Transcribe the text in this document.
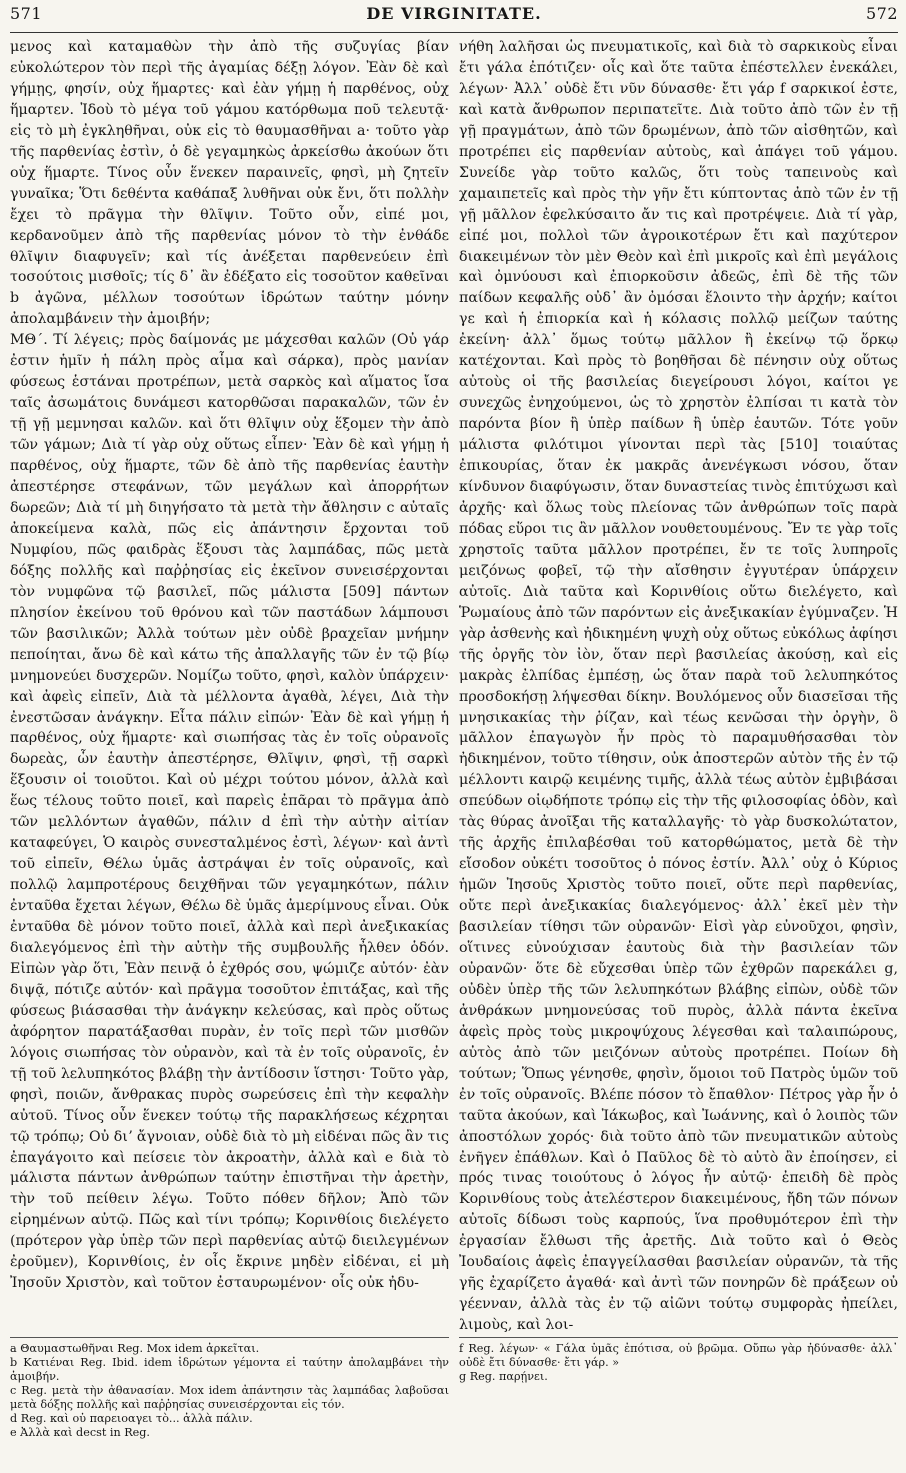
571	DE VIRGINITATE.	572

μενος καὶ καταμαθὼν τὴν ἀπὸ τῆς συζυγίας βίαν εὐκολώτερον τὸν περὶ τῆς ἀγαμίας δέξῃ λόγον. Ἐὰν δὲ καὶ γήμῃς, φησίν, οὐχ ἥμαρτες· καὶ ἐὰν γήμῃ ἡ παρθένος, οὐχ ἥμαρτεν. Ἰδοὺ τὸ μέγα τοῦ γάμου κατόρθωμα ποῦ τελευτᾷ· εἰς τὸ μὴ ἐγκληθῆναι, οὐκ εἰς τὸ θαυμασθῆναι a· τοῦτο γὰρ τῆς παρθενίας ἐστὶν, ὁ δὲ γεγαμηκὼς ἀρκείσθω ἀκούων ὅτι οὐχ ἥμαρτε. Τίνος οὖν ἕνεκεν παραινεῖς, φησὶ, μὴ ζητεῖν γυναῖκα; Ὅτι δεθέντα καθάπαξ λυθῆναι οὐκ ἔνι, ὅτι πολλὴν ἔχει τὸ πρᾶγμα τὴν θλῖψιν. Τοῦτο οὖν, εἰπέ μοι, κερδανοῦμεν ἀπὸ τῆς παρθενίας μόνον τὸ τὴν ἐνθάδε θλῖψιν διαφυγεῖν; καὶ τίς ἀνέξεται παρθενεύειν ἐπὶ τοσούτοις μισθοῖς; τίς δ᾽ ἂν ἐδέξατο εἰς τοσοῦτον καθεῖναι b ἀγῶνα, μέλλων τοσούτων ἱδρώτων ταύτην μόνην ἀπολαμβάνειν τὴν ἀμοιβήν;

ΜΘ΄. Τί λέγεις; πρὸς δαίμονάς με μάχεσθαι καλῶν (Οὐ γάρ ἐστιν ἡμῖν ἡ πάλη πρὸς αἷμα καὶ σάρκα), πρὸς μανίαν φύσεως ἑστάναι προτρέπων, μετὰ σαρκὸς καὶ αἵματος ἴσα ταῖς ἀσωμάτοις δυνάμεσι κατορθῶσαι παρακαλῶν, τῶν ἐν τῇ γῇ μεμνησαι καλῶν. καὶ ὅτι θλῖψιν οὐχ ἕξομεν τὴν ἀπὸ τῶν γάμων; Διὰ τί γὰρ οὐχ οὕτως εἶπεν· Ἐὰν δὲ καὶ γήμῃ ἡ παρθένος, οὐχ ἥμαρτε, τῶν δὲ ἀπὸ τῆς παρθενίας ἑαυτὴν ἀπεστέρησε στεφάνων, τῶν μεγάλων καὶ ἀπορρήτων δωρεῶν; Διὰ τί μὴ διηγήσατο τὰ μετὰ τὴν ἄθλησιν c αὐταῖς ἀποκείμενα καλὰ, πῶς εἰς ἀπάντησιν ἔρχονται τοῦ Νυμφίου, πῶς φαιδρὰς ἕξουσι τὰς λαμπάδας, πῶς μετὰ δόξης πολλῆς καὶ παῤῥησίας εἰς ἐκεῖνον συνεισέρχονται τὸν νυμφῶνα τῷ βασιλεῖ, πῶς μάλιστα [509] πάντων πλησίον ἐκείνου τοῦ θρόνου καὶ τῶν παστάδων λάμπουσι τῶν βασιλικῶν; Ἀλλὰ τούτων μὲν οὐδὲ βραχεῖαν μνήμην πεποίηται, ἄνω δὲ καὶ κάτω τῆς ἀπαλλαγῆς τῶν ἐν τῷ βίῳ μνημονεύει δυσχερῶν. Νομίζω τοῦτο, φησὶ, καλὸν ὑπάρχειν· καὶ ἀφεὶς εἰπεῖν, Διὰ τὰ μέλλοντα ἀγαθὰ, λέγει, Διὰ τὴν ἐνεστῶσαν ἀνάγκην. Εἶτα πάλιν εἰπών· Ἐὰν δὲ καὶ γήμῃ ἡ παρθένος, οὐχ ἥμαρτε· καὶ σιωπήσας τὰς ἐν τοῖς οὐρανοῖς δωρεὰς, ὧν ἑαυτὴν ἀπεστέρησε, Θλῖψιν, φησὶ, τῇ σαρκὶ ἕξουσιν οἱ τοιοῦτοι. Καὶ οὐ μέχρι τούτου μόνον, ἀλλὰ καὶ ἕως τέλους τοῦτο ποιεῖ, καὶ παρεὶς ἐπᾶραι τὸ πρᾶγμα ἀπὸ τῶν μελλόντων ἀγαθῶν, πάλιν d ἐπὶ τὴν αὐτὴν αἰτίαν καταφεύγει, Ὁ καιρὸς συνεσταλμένος ἐστὶ, λέγων· καὶ ἀντὶ τοῦ εἰπεῖν, Θέλω ὑμᾶς ἀστράψαι ἐν τοῖς οὐρανοῖς, καὶ πολλῷ λαμπροτέρους δειχθῆναι τῶν γεγαμηκότων, πάλιν ἐνταῦθα ἔχεται λέγων, Θέλω δὲ ὑμᾶς ἀμερίμνους εἶναι. Οὐκ ἐνταῦθα δὲ μόνον τοῦτο ποιεῖ, ἀλλὰ καὶ περὶ ἀνεξικακίας διαλεγόμενος ἐπὶ τὴν αὐτὴν τῆς συμβουλῆς ἦλθεν ὁδόν. Εἰπὼν γὰρ ὅτι, Ἐὰν πεινᾷ ὁ ἐχθρός σου, ψώμιζε αὐτόν· ἐὰν διψᾷ, πότιζε αὐτόν· καὶ πρᾶγμα τοσοῦτον ἐπιτάξας, καὶ τῆς φύσεως βιάσασθαι τὴν ἀνάγκην κελεύσας, καὶ πρὸς οὕτως ἀφόρητον παρατάξασθαι πυρὰν, ἐν τοῖς περὶ τῶν μισθῶν λόγοις σιωπήσας τὸν οὐρανὸν, καὶ τὰ ἐν τοῖς οὐρανοῖς, ἐν τῇ τοῦ λελυπηκότος βλάβῃ τὴν ἀντίδοσιν ἵστησι· Τοῦτο γὰρ, φησὶ, ποιῶν, ἄνθρακας πυρὸς σωρεύσεις ἐπὶ τὴν κεφαλὴν αὐτοῦ. Τίνος οὖν ἕνεκεν τούτῳ τῆς παρακλήσεως κέχρηται τῷ τρόπῳ; Οὐ διʼ ἄγνοιαν, οὐδὲ διὰ τὸ μὴ εἰδέναι πῶς ἂν τις ἐπαγάγοιτο καὶ πείσειε τὸν ἀκροατὴν, ἀλλὰ καὶ e διὰ τὸ μάλιστα πάντων ἀνθρώπων ταύτην ἐπιστῆναι τὴν ἀρετὴν, τὴν τοῦ πείθειν λέγω. Τοῦτο πόθεν δῆλον; Ἀπὸ τῶν εἰρημένων αὐτῷ. Πῶς καὶ τίνι τρόπῳ; Κορινθίοις διελέγετο (πρότερον γὰρ ὑπὲρ τῶν περὶ παρθενίας αὐτῷ διειλεγμένων ἐροῦμεν), Κορινθίοις, ἐν οἷς ἔκρινε μηδὲν εἰδέναι, εἰ μὴ Ἰησοῦν Χριστὸν, καὶ τοῦτον ἐσταυρωμένον· οἷς οὐκ ἠδυ-

a Θαυμαστωθῆναι Reg. Mox idem ἀρκεῖται.

b Κατιέναι Reg. Ibid. idem ἱδρώτων γέμοντα εἰ ταύτην ἀπολαμβάνει τὴν ἀμοιβήν.

c Reg. μετὰ τὴν ἀθανασίαν. Mox idem ἀπάντησιν τὰς λαμπάδας λαβοῦσαι μετὰ δόξης πολλῆς καὶ παῤῥησίας συνεισέρχονται εἰς τόν.

d Reg. καὶ οὐ παρειοαγει τὸ... ἀλλὰ πάλιν.

e Ἀλλὰ καὶ decst in Reg.

νήθη λαλῆσαι ὡς πνευματικοῖς, καὶ διὰ τὸ σαρκικοὺς εἶναι ἔτι γάλα ἐπότιζεν· οἷς καὶ ὅτε ταῦτα ἐπέστελλεν ἐνεκάλει, λέγων· Ἀλλ᾽ οὐδὲ ἔτι νῦν δύνασθε· ἔτι γάρ f σαρκικοί ἐστε, καὶ κατὰ ἄνθρωπον περιπατεῖτε. Διὰ τοῦτο ἀπὸ τῶν ἐν τῇ γῇ πραγμάτων, ἀπὸ τῶν δρωμένων, ἀπὸ τῶν αἰσθητῶν, καὶ προτρέπει εἰς παρθενίαν αὐτοὺς, καὶ ἀπάγει τοῦ γάμου. Συνείδε γὰρ τοῦτο καλῶς, ὅτι τοὺς ταπεινοὺς καὶ χαμαιπετεῖς καὶ πρὸς τὴν γῆν ἔτι κύπτοντας ἀπὸ τῶν ἐν τῇ γῇ μᾶλλον ἐφελκύσαιτο ἄν τις καὶ προτρέψειε. Διὰ τί γὰρ, εἰπέ μοι, πολλοὶ τῶν ἀγροικοτέρων ἔτι καὶ παχύτερον διακειμένων τὸν μὲν Θεὸν καὶ ἐπὶ μικροῖς καὶ ἐπὶ μεγάλοις καὶ ὀμνύουσι καὶ ἐπιορκοῦσιν ἀδεῶς, ἐπὶ δὲ τῆς τῶν παίδων κεφαλῆς οὐδ᾽ ἂν ὀμόσαι ἕλοιντο τὴν ἀρχήν; καίτοι γε καὶ ἡ ἐπιορκία καὶ ἡ κόλασις πολλῷ μείζων ταύτης ἐκείνη· ἀλλ᾽ ὅμως τούτῳ μᾶλλον ἢ ἐκείνῳ τῷ ὅρκῳ κατέχονται. Καὶ πρὸς τὸ βοηθῆσαι δὲ πένησιν οὐχ οὕτως αὐτοὺς οἱ τῆς βασιλείας διεγείρουσι λόγοι, καίτοι γε συνεχῶς ἐνηχούμενοι, ὡς τὸ χρηστὸν ἐλπίσαι τι κατὰ τὸν παρόντα βίον ἢ ὑπὲρ παίδων ἢ ὑπὲρ ἑαυτῶν. Τότε γοῦν μάλιστα φιλότιμοι γίνονται περὶ τὰς [510] τοιαύτας ἐπικουρίας, ὅταν ἐκ μακρᾶς ἀνενέγκωσι νόσου, ὅταν κίνδυνον διαφύγωσιν, ὅταν δυναστείας τινὸς ἐπιτύχωσι καὶ ἀρχῆς· καὶ ὅλως τοὺς πλείονας τῶν ἀνθρώπων τοῖς παρὰ πόδας εὕροι τις ἂν μᾶλλον νουθετουμένους. Ἔν τε γὰρ τοῖς χρηστοῖς ταῦτα μᾶλλον προτρέπει, ἔν τε τοῖς λυπηροῖς μειζόνως φοβεῖ, τῷ τὴν αἴσθησιν ἐγγυτέραν ὑπάρχειν αὐτοῖς. Διὰ ταῦτα καὶ Κορινθίοις οὕτω διελέγετο, καὶ Ῥωμαίους ἀπὸ τῶν παρόντων εἰς ἀνεξικακίαν ἐγύμναζεν. Ἡ γὰρ ἀσθενὴς καὶ ἠδικημένη ψυχὴ οὐχ οὕτως εὐκόλως ἀφίησι τῆς ὀργῆς τὸν ἰὸν, ὅταν περὶ βασιλείας ἀκούσῃ, καὶ εἰς μακρὰς ἐλπίδας ἐμπέσῃ, ὡς ὅταν παρὰ τοῦ λελυπηκότος προσδοκήσῃ λήψεσθαι δίκην. Βουλόμενος οὖν διασεῖσαι τῆς μνησικακίας τὴν ῥίζαν, καὶ τέως κενῶσαι τὴν ὀργὴν, ὃ μᾶλλον ἐπαγωγὸν ἦν πρὸς τὸ παραμυθήσασθαι τὸν ἠδικημένον, τοῦτο τίθησιν, οὐκ ἀποστερῶν αὐτὸν τῆς ἐν τῷ μέλλοντι καιρῷ κειμένης τιμῆς, ἀλλὰ τέως αὐτὸν ἐμβιβάσαι σπεύδων οἱῳδήποτε τρόπῳ εἰς τὴν τῆς φιλοσοφίας ὁδὸν, καὶ τὰς θύρας ἀνοῖξαι τῆς καταλλαγῆς· τὸ γὰρ δυσκολώτατον, τῆς ἀρχῆς ἐπιλαβέσθαι τοῦ κατορθώματος, μετὰ δὲ τὴν εἴσοδον οὐκέτι τοσοῦτος ὁ πόνος ἐστίν. Ἀλλ᾽ οὐχ ὁ Κύριος ἡμῶν Ἰησοῦς Χριστὸς τοῦτο ποιεῖ, οὔτε περὶ παρθενίας, οὔτε περὶ ἀνεξικακίας διαλεγόμενος· ἀλλ᾽ ἐκεῖ μὲν τὴν βασιλείαν τίθησι τῶν οὐρανῶν· Εἰσὶ γὰρ εὐνοῦχοι, φησὶν, οἵτινες εὐνούχισαν ἑαυτοὺς διὰ τὴν βασιλείαν τῶν οὐρανῶν· ὅτε δὲ εὔχεσθαι ὑπὲρ τῶν ἐχθρῶν παρεκάλει g, οὐδὲν ὑπὲρ τῆς τῶν λελυπηκότων βλάβης εἰπὼν, οὐδὲ τῶν ἀνθράκων μνημονεύσας τοῦ πυρὸς, ἀλλὰ πάντα ἐκεῖνα ἀφεὶς πρὸς τοὺς μικροψύχους λέγεσθαι καὶ ταλαιπώρους, αὐτὸς ἀπὸ τῶν μειζόνων αὐτοὺς προτρέπει. Ποίων δὴ τούτων; Ὅπως γένησθε, φησὶν, ὅμοιοι τοῦ Πατρὸς ὑμῶν τοῦ ἐν τοῖς οὐρανοῖς. Βλέπε πόσον τὸ ἔπαθλον· Πέτρος γὰρ ἦν ὁ ταῦτα ἀκούων, καὶ Ἰάκωβος, καὶ Ἰωάννης, καὶ ὁ λοιπὸς τῶν ἀποστόλων χορός· διὰ τοῦτο ἀπὸ τῶν πνευματικῶν αὐτοὺς ἐνῆγεν ἐπάθλων. Καὶ ὁ Παῦλος δὲ τὸ αὐτὸ ἂν ἐποίησεν, εἰ πρός τινας τοιούτους ὁ λόγος ἦν αὐτῷ· ἐπειδὴ δὲ πρὸς Κορινθίους τοὺς ἀτελέστερον διακειμένους, ἤδη τῶν πόνων αὐτοῖς δίδωσι τοὺς καρπούς, ἵνα προθυμότερον ἐπὶ τὴν ἐργασίαν ἔλθωσι τῆς ἀρετῆς. Διὰ τοῦτο καὶ ὁ Θεὸς Ἰουδαίοις ἀφεὶς ἐπαγγείλασθαι βασιλείαν οὐρανῶν, τὰ τῆς γῆς ἐχαρίζετο ἀγαθά· καὶ ἀντὶ τῶν πονηρῶν δὲ πράξεων οὐ γέενναν, ἀλλὰ τὰς ἐν τῷ αἰῶνι τούτῳ συμφορὰς ἠπείλει, λιμοὺς, καὶ λοι-

f Reg. λέγων· « Γάλα ὑμᾶς ἐπότισα, οὐ βρῶμα. Οὔπω γὰρ ἠδύνασθε· ἀλλ᾽ οὐδὲ ἔτι δύνασθε· ἔτι γάρ. »

g Reg. παρῄνει.
